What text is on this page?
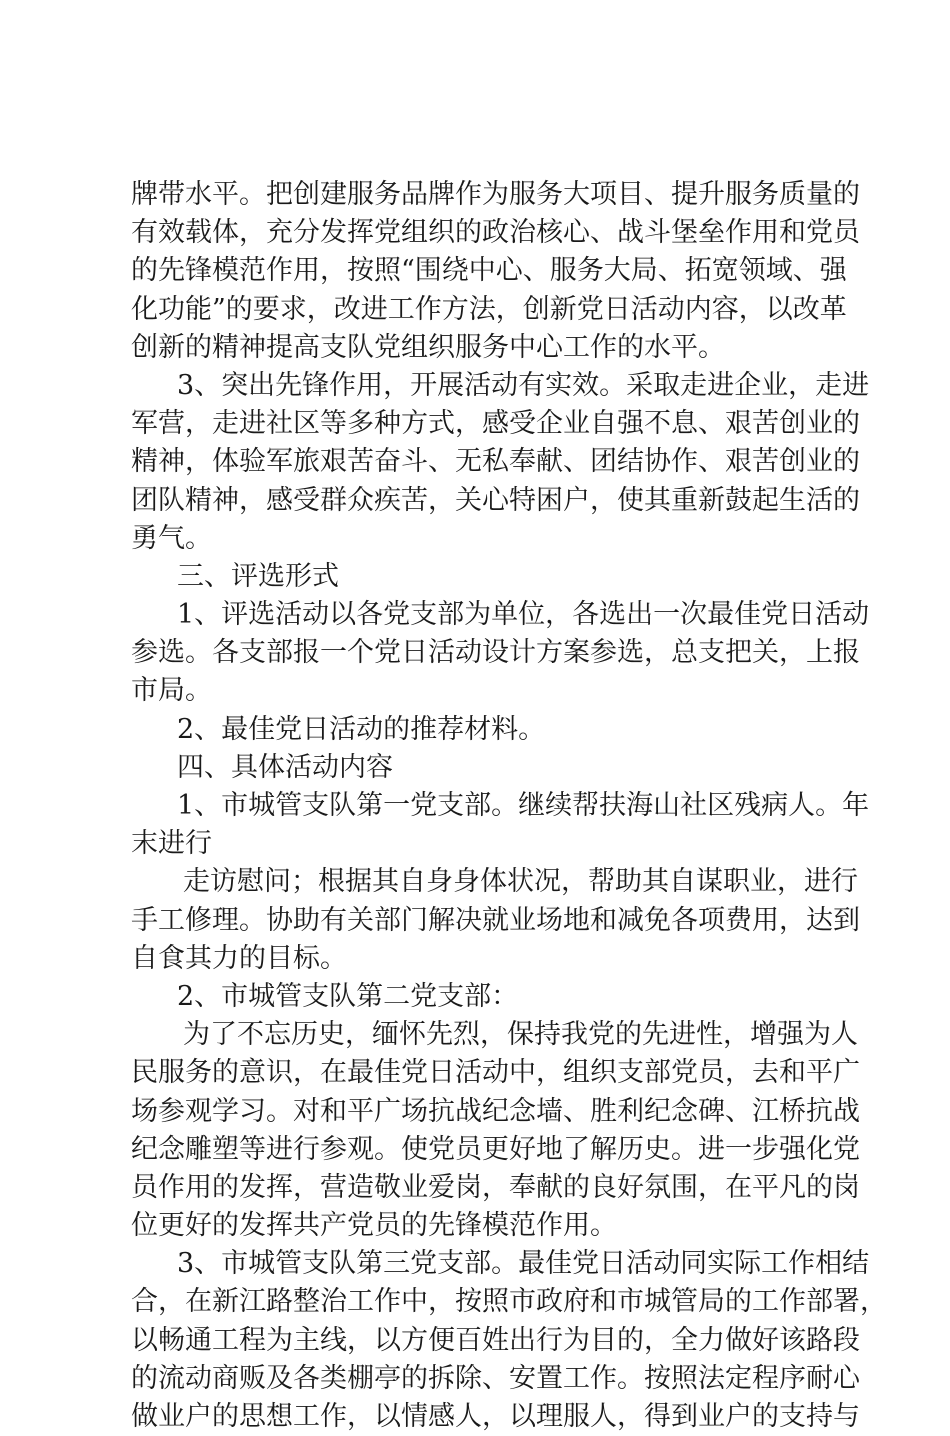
牌带水平。把创建服务品牌作为服务大项目、提升服务质量的
有效载体，充分发挥党组织的政治核心、战斗堡垒作用和党员
的先锋模范作用，按照“围绕中心、服务大局、拓宽领域、强
化功能”的要求，改进工作方法，创新党日活动内容，以改革
创新的精神提高支队党组织服务中心工作的水平。
3、突出先锋作用，开展活动有实效。采取走进企业，走进
军营，走进社区等多种方式，感受企业自强不息、艰苦创业的
精神，体验军旅艰苦奋斗、无私奉献、团结协作、艰苦创业的
团队精神，感受群众疾苦，关心特困户，使其重新鼓起生活的
勇气。
三、评选形式
1、评选活动以各党支部为单位，各选出一次最佳党日活动
参选。各支部报一个党日活动设计方案参选，总支把关，上报
市局。
2、最佳党日活动的推荐材料。
四、具体活动内容
1、市城管支队第一党支部。继续帮扶海山社区残病人。年
末进行
走访慰问；根据其自身身体状况，帮助其自谋职业，进行
手工修理。协助有关部门解决就业场地和减免各项费用，达到
自食其力的目标。
2、市城管支队第二党支部：
为了不忘历史，缅怀先烈，保持我党的先进性，增强为人
民服务的意识，在最佳党日活动中，组织支部党员，去和平广
场参观学习。对和平广场抗战纪念墙、胜利纪念碑、江桥抗战
纪念雕塑等进行参观。使党员更好地了解历史。进一步强化党
员作用的发挥，营造敬业爱岗，奉献的良好氛围，在平凡的岗
位更好的发挥共产党员的先锋模范作用。
3、市城管支队第三党支部。最佳党日活动同实际工作相结
合，在新江路整治工作中，按照市政府和市城管局的工作部署，
以畅通工程为主线，以方便百姓出行为目的，全力做好该路段
的流动商贩及各类棚亭的拆除、安置工作。按照法定程序耐心
做业户的思想工作，以情感人，以理服人，得到业户的支持与
